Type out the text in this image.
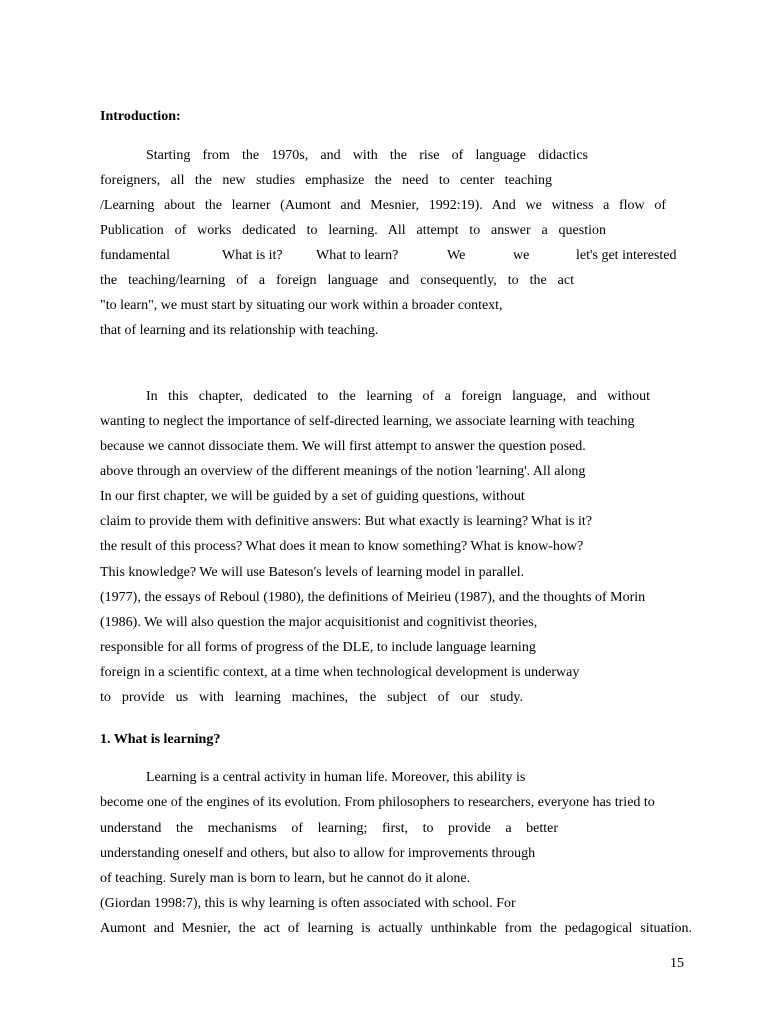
Introduction:
Starting from the 1970s, and with the rise of language didactics
foreigners, all the new studies emphasize the need to center teaching
/Learning about the learner (Aumont and Mesnier, 1992:19). And we witness a flow of
Publication of works dedicated to learning. All attempt to answer a question
fundamental	What is it? What to learn?	We	we	let's get interested
the teaching/learning of a foreign language and consequently, to the act
"to learn", we must start by situating our work within a broader context,
that of learning and its relationship with teaching.
In this chapter, dedicated to the learning of a foreign language, and without
wanting to neglect the importance of self-directed learning, we associate learning with teaching
because we cannot dissociate them. We will first attempt to answer the question posed.
above through an overview of the different meanings of the notion 'learning'. All along
In our first chapter, we will be guided by a set of guiding questions, without
claim to provide them with definitive answers: But what exactly is learning? What is it?
the result of this process? What does it mean to know something? What is know-how?
This knowledge? We will use Bateson's levels of learning model in parallel.
(1977), the essays of Reboul (1980), the definitions of Meirieu (1987), and the thoughts of Morin
(1986). We will also question the major acquisitionist and cognitivist theories,
responsible for all forms of progress of the DLE, to include language learning
foreign in a scientific context, at a time when technological development is underway
to provide us with learning machines, the subject of our study.
1. What is learning?
Learning is a central activity in human life. Moreover, this ability is
become one of the engines of its evolution. From philosophers to researchers, everyone has tried to
understand the mechanisms of learning; first, to provide a better
understanding oneself and others, but also to allow for improvements through
of teaching. Surely man is born to learn, but he cannot do it alone.
(Giordan 1998:7), this is why learning is often associated with school. For
Aumont and Mesnier, the act of learning is actually unthinkable from the pedagogical situation.
15
